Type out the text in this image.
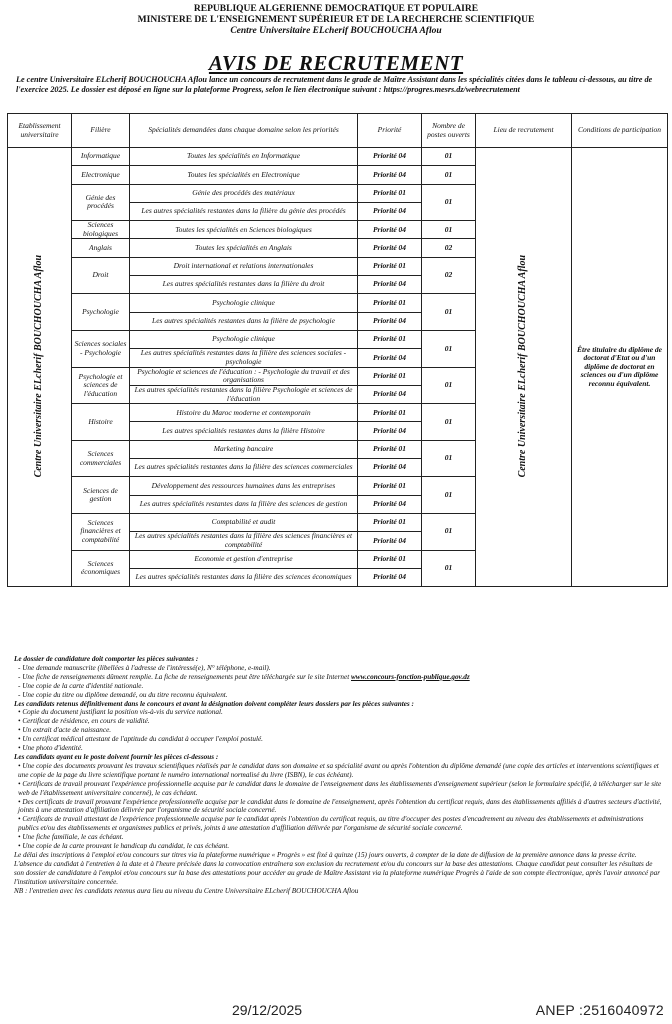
REPUBLIQUE ALGERIENNE DEMOCRATIQUE ET POPULAIRE
MINISTERE DE L'ENSEIGNEMENT SUPÉRIEUR ET DE LA RECHERCHE SCIENTIFIQUE
Centre Universitaire ELcherif BOUCHOUCHA Aflou
AVIS DE RECRUTEMENT
Le centre Universitaire ELcherif BOUCHOUCHA Aflou lance un concours de recrutement dans le grade de Maître Assistant dans les spécialités citées dans le tableau ci-dessous, au titre de l'exercice 2025. Le dossier est déposé en ligne sur la plateforme Progress, selon le lien électronique suivant : https://progres.mesrs.dz/webrecrutement
Etablissement universitaire	Filière	Spécialités demandées dans chaque domaine selon les priorités	Priorité	Nombre de postes ouverts	Lieu de recrutement	Conditions de participation
Centre Universitaire ELcherif BOUCHOUCHA Aflou	Informatique	Toutes les spécialités en Informatique	Priorité 04	01	Centre Universitaire ELcherif BOUCHOUCHA Aflou	Être titulaire du diplôme de doctorat d'Etat ou d'un diplôme de doctorat en sciences ou d'un diplôme reconnu équivalent.
	Electronique	Toutes les spécialités en Electronique	Priorité 04	01		
	Génie des procédés	Génie des procédés des matériaux	Priorité 01	01		
		Les autres spécialités restantes dans la filière du génie des procédés	Priorité 04			
	Sciences biologiques	Toutes les spécialités en Sciences biologiques	Priorité 04	01		
	Anglais	Toutes les spécialités en Anglais	Priorité 04	02		
	Droit	Droit international et relations internationales	Priorité 01	02		
		Les autres spécialités restantes dans la filière du droit	Priorité 04			
	Psychologie	Psychologie clinique	Priorité 01	01		
		Les autres spécialités restantes dans la filière de psychologie	Priorité 04			
	Sciences sociales - Psychologie	Psychologie clinique	Priorité 01	01		
		Les autres spécialités restantes dans la filière des sciences sociales - psychologie	Priorité 04			
	Psychologie et sciences de l'éducation	Psychologie et sciences de l'éducation : - Psychologie du travail et des organisations	Priorité 01	01		
		Les autres spécialités restantes dans la filière Psychologie et sciences de l'éducation	Priorité 04			
	Histoire	Histoire du Maroc moderne et contemporain	Priorité 01	01		
		Les autres spécialités restantes dans la filière Histoire	Priorité 04			
	Sciences commerciales	Marketing bancaire	Priorité 01	01		
		Les autres spécialités restantes dans la filière des sciences commerciales	Priorité 04			
	Sciences de gestion	Développement des ressources humaines dans les entreprises	Priorité 01	01		
		Les autres spécialités restantes dans la filière des sciences de gestion	Priorité 04			
	Sciences financières et comptabilité	Comptabilité et audit	Priorité 01	01		
		Les autres spécialités restantes dans la filière des sciences financières et comptabilité	Priorité 04			
	Sciences économiques	Economie et gestion d'entreprise	Priorité 01	01		
		Les autres spécialités restantes dans la filière des sciences économiques	Priorité 04			
Le dossier de candidature doit comporter les pièces suivantes :
- Une demande manuscrite (libellées à l'adresse de l'intéressé(e), N° téléphone, e-mail).
- Une fiche de renseignements dûment remplie. La fiche de renseignements peut être téléchargée sur le site Internet www.concours-fonction-publique.gov.dz
- Une copie de la carte d'identité nationale.
- Une copie du titre ou diplôme demandé, ou du titre reconnu équivalent.
Les candidats retenus définitivement dans le concours et avant la désignation doivent compléter leurs dossiers par les pièces suivantes :
• Copie du document justifiant la position vis-à-vis du service national.
• Certificat de résidence, en cours de validité.
• Un extrait d'acte de naissance.
• Un certificat médical attestant de l'aptitude du candidat à occuper l'emploi postulé.
• Une photo d'identité.
Les candidats ayant eu le poste doivent fournir les pièces ci-dessous :
• Une copie des documents prouvant les travaux scientifiques réalisés par le candidat dans son domaine et sa spécialité avant ou après l'obtention du diplôme demandé (une copie des articles et interventions scientifiques et une copie de la page du livre scientifique portant le numéro international normalisé du livre (ISBN), le cas échéant).
• Certificats de travail prouvant l'expérience professionnelle acquise par le candidat dans le domaine de l'enseignement dans les établissements d'enseignement supérieur (selon le formulaire spécifié, à télécharger sur le site web de l'établissement universitaire concerné), le cas échéant.
• Des certificats de travail prouvant l'expérience professionnelle acquise par le candidat dans le domaine de l'enseignement, après l'obtention du certificat requis, dans des établissements affiliés à d'autres secteurs d'activité, joints à une attestation d'affiliation délivrée par l'organisme de sécurité sociale concerné.
• Certificats de travail attestant de l'expérience professionnelle acquise par le candidat après l'obtention du certificat requis, au titre d'occuper des postes d'encadrement au niveau des établissements et administrations publics et/ou des établissements et organismes publics et privés, joints à une attestation d'affiliation délivrée par l'organisme de sécurité sociale concerné.
• Une fiche familiale, le cas échéant.
• Une copie de la carte prouvant le handicap du candidat, le cas échéant.
Le délai des inscriptions à l'emploi et/ou concours sur titres via la plateforme numérique « Progrès » est fixé à quinze (15) jours ouverts, à compter de la date de diffusion de la première annonce dans la presse écrite.
L'absence du candidat à l'entretien à la date et à l'heure précisée dans la convocation entraînera son exclusion du recrutement et/ou du concours sur la base des attestations. Chaque candidat peut consulter les résultats de son dossier de candidature à l'emploi et/ou concours sur la base des attestations pour accéder au grade de Maître Assistant via la plateforme numérique Progrès à l'aide de son compte électronique, après l'avoir annoncé par l'institution universitaire concernée.
NB : l'entretien avec les candidats retenus aura lieu au niveau du Centre Universitaire ELcherif BOUCHOUCHA Aflou
29/12/2025	ANEP :2516040972
